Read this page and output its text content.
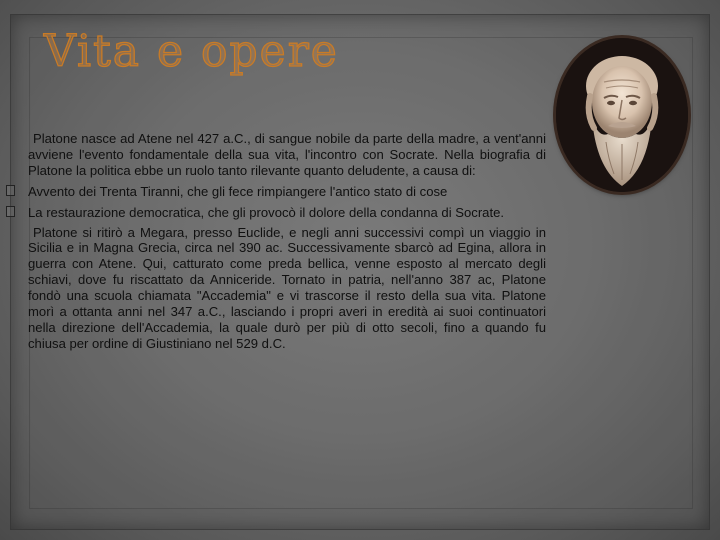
Vita e opere

Platone nasce ad Atene nel 427 a.C., di sangue nobile da parte della madre, a vent'anni avviene l'evento fondamentale della sua vita, l'incontro con Socrate. Nella biografia di Platone la politica ebbe un ruolo tanto rilevante quanto deludente, a causa di:

Avvento dei Trenta Tiranni, che gli fece rimpiangere l'antico stato di cose
La restaurazione democratica, che gli provocò il dolore della condanna di Socrate.

Platone si ritirò a Megara, presso Euclide, e negli anni successivi compì un viaggio in Sicilia e in Magna Grecia, circa nel 390 ac. Successivamente sbarcò ad Egina, allora in guerra con Atene. Qui, catturato come preda bellica, venne esposto al mercato degli schiavi, dove fu riscattato da Anniceride. Tornato in patria, nell'anno 387 ac, Platone fondò una scuola chiamata "Accademia" e vi trascorse il resto della sua vita. Platone morì a ottanta anni nel 347 a.C., lasciando i propri averi in eredità ai suoi continuatori nella direzione dell'Accademia, la quale durò per più di otto secoli, fino a quando fu chiusa per ordine di Giustiniano nel 529 d.C.
